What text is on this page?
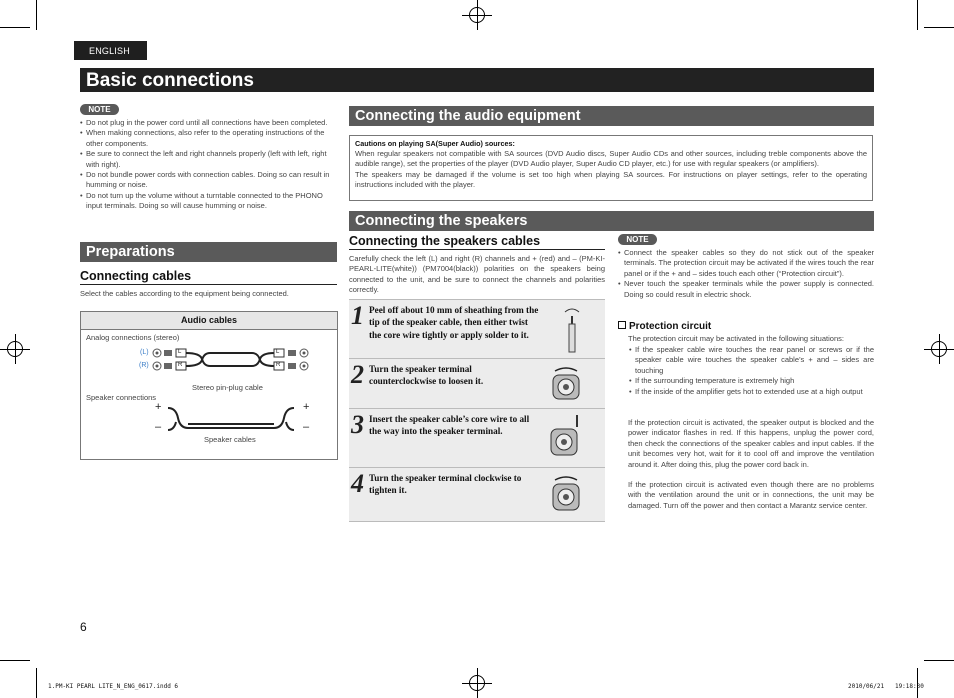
ENGLISH
Basic connections
NOTE
• Do not plug in the power cord until all connections have been completed.
• When making connections, also refer to the operating instructions of the other components.
• Be sure to connect the left and right channels properly (left with left, right with right).
• Do not bundle power cords with connection cables. Doing so can result in humming or noise.
• Do not turn up the volume without a turntable connected to the PHONO input terminals. Doing so will cause humming or noise.
Preparations
Connecting cables
Select the cables according to the equipment being connected.
Audio cables
Analog connections (stereo)
(L)
(R)
L
R
L
R
Stereo pin-plug cable
Speaker connections
+
–
+
–
Speaker cables
Connecting the audio equipment
Cautions on playing SA(Super Audio) sources:
When regular speakers not compatible with SA sources (DVD Audio discs, Super Audio CDs and other sources, including treble components above the audible range), set the properties of the player (DVD Audio player, Super Audio CD player, etc.) for use with regular speakers (or amplifiers).
The speakers may be damaged if the volume is set too high when playing SA sources. For instructions on player settings, refer to the operating instructions included with the player.
Connecting the speakers
Connecting the speakers cables
Carefully check the left (L) and right (R) channels and + (red) and – (PM-KI-PEARL-LITE(white)) (PM7004(black)) polarities on the speakers being connected to the unit, and be sure to connect the channels and polarities correctly.
1 Peel off about 10 mm of sheathing from the tip of the speaker cable, then either twist the core wire tightly or apply solder to it.
2 Turn the speaker terminal counterclockwise to loosen it.
3 Insert the speaker cable’s core wire to all the way into the speaker terminal.
4 Turn the speaker terminal clockwise to tighten it.
NOTE
• Connect the speaker cables so they do not stick out of the speaker terminals. The protection circuit may be activated if the wires touch the rear panel or if the + and – sides touch each other (“Protection circuit”).
• Never touch the speaker terminals while the power supply is connected. Doing so could result in electric shock.
Protection circuit
The protection circuit may be activated in the following situations:
• If the speaker cable wire touches the rear panel or screws or if the speaker cable wire touches the speaker cable’s + and – sides are touching
• If the surrounding temperature is extremely high
• If the inside of the amplifier gets hot to extended use at a high output
If the protection circuit is activated, the speaker output is blocked and the power indicator flashes in red. If this happens, unplug the power cord, then check the connections of the speaker cables and input cables. If the unit becomes very hot, wait for it to cool off and improve the ventilation around it. After doing this, plug the power cord back in.
If the protection circuit is activated even though there are no problems with the ventilation around the unit or in connections, the unit may be damaged. Turn off the power and then contact a Marantz service center.
6
1.PM-KI PEARL LITE_N_ENG_0617.indd 6	2010/06/21   19:18:30
